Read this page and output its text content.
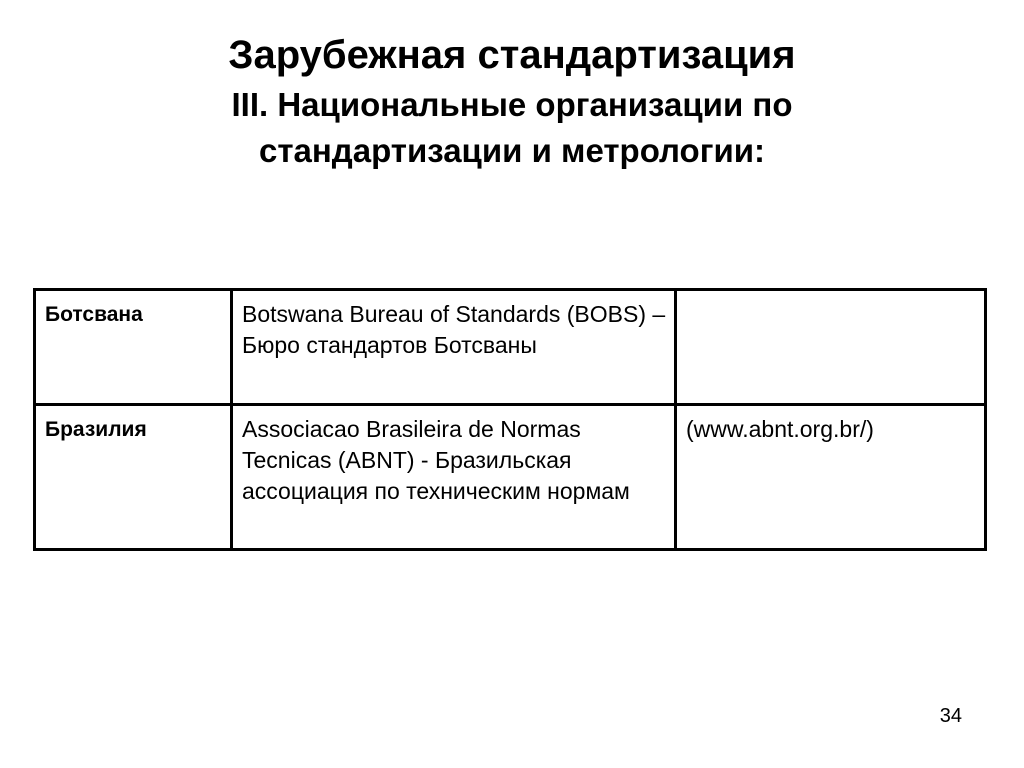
Зарубежная стандартизация
III. Национальные организации по
стандартизации и метрологии:
Ботсвана	Botswana Bureau of Standards (BOBS) – Бюро стандартов Ботсваны	
Бразилия	Associacao Brasileira de Normas Tecnicas (ABNT) - Бразильская ассоциация по техническим нормам	(www.abnt.org.br/)
34
